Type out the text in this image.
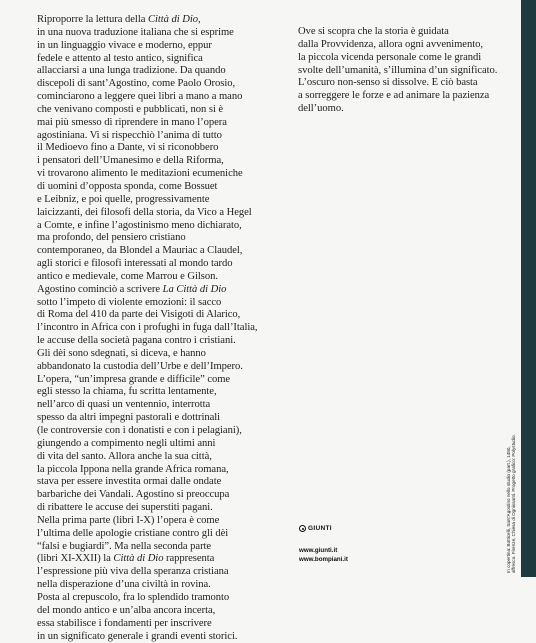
Riproporre la lettura della Città di Dio,
in una nuova traduzione italiana che si esprime
in un linguaggio vivace e moderno, eppur
fedele e attento al testo antico, significa
allacciarsi a una lunga tradizione. Da quando
discepoli di sant’Agostino, come Paolo Orosio,
cominciarono a leggere quei libri a mano a mano
che venivano composti e pubblicati, non si è
mai più smesso di riprendere in mano l’opera
agostiniana. Vi si rispecchiò l’anima di tutto
il Medioevo fino a Dante, vi si riconobbero
i pensatori dell’Umanesimo e della Riforma,
vi trovarono alimento le meditazioni ecumeniche
di uomini d’opposta sponda, come Bossuet
e Leibniz, e poi quelle, progressivamente
laicizzanti, dei filosofi della storia, da Vico a Hegel
a Comte, e infine l’agostinismo meno dichiarato,
ma profondo, del pensiero cristiano
contemporaneo, da Blondel a Mauriac a Claudel,
agli storici e filosofi interessati al mondo tardo
antico e medievale, come Marrou e Gilson.
Agostino cominciò a scrivere La Città di Dio
sotto l’impeto di violente emozioni: il sacco
di Roma del 410 da parte dei Visigoti di Alarico,
l’incontro in Africa con i profughi in fuga dall’Italia,
le accuse della società pagana contro i cristiani.
Gli dèi sono sdegnati, si diceva, e hanno
abbandonato la custodia dell’Urbe e dell’Impero.
L’opera, “un’impresa grande e difficile” come
egli stesso la chiama, fu scritta lentamente,
nell’arco di quasi un ventennio, interrotta
spesso da altri impegni pastorali e dottrinali
(le controversie con i donatisti e con i pelagiani),
giungendo a compimento negli ultimi anni
di vita del santo. Allora anche la sua città,
la piccola Ippona nella grande Africa romana,
stava per essere investita ormai dalle ondate
barbariche dei Vandali. Agostino si preoccupa
di ribattere le accuse dei superstiti pagani.
Nella prima parte (libri I-X) l’opera è come
l’ultima delle apologie cristiane contro gli dèi
“falsi e bugiardi”. Ma nella seconda parte
(libri XI-XXII) la Città di Dio rappresenta
l’espressione più viva della speranza cristiana
nella disperazione d’una civiltà in rovina.
Posta al crepuscolo, fra lo splendido tramonto
del mondo antico e un’alba ancora incerta,
essa stabilisce i fondamenti per inscrivere
in un significato generale i grandi eventi storici.
Ove si scopra che la storia è guidata
dalla Provvidenza, allora ogni avvenimento,
la piccola vicenda personale come le grandi
svolte dell’umanità, s’illumina d’un significato.
L’oscuro non-senso si dissolve. E ciò basta
a sorreggere le forze e ad animare la pazienza
dell’uomo.
GIUNTI
www.giunti.it
www.bompiani.it	In copertina: Botticelli, Sant’Agostino nello studio (part.), 1480, affresco. Firenze, Chiesa di Ognissanti. Progetto grafico: Polystudio.
